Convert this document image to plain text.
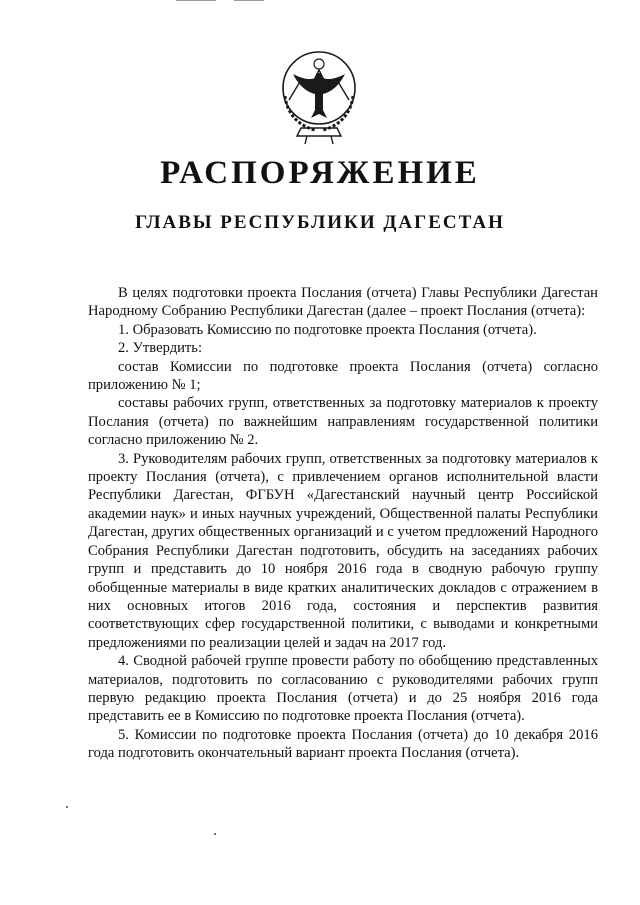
РАСПОРЯЖЕНИЕ
ГЛАВЫ РЕСПУБЛИКИ ДАГЕСТАН

В целях подготовки проекта Послания (отчета) Главы Республики Дагестан Народному Собранию Республики Дагестан (далее – проект Послания (отчета):

1. Образовать Комиссию по подготовке проекта Послания (отчета).

2. Утвердить:

состав Комиссии по подготовке проекта Послания (отчета) согласно приложению № 1;

составы рабочих групп, ответственных за подготовку материалов к проекту Послания (отчета) по важнейшим направлениям государственной политики согласно приложению № 2.

3. Руководителям рабочих групп, ответственных за подготовку материалов к проекту Послания (отчета), с привлечением органов исполнительной власти Республики Дагестан, ФГБУН «Дагестанский научный центр Российской академии наук» и иных научных учреждений, Общественной палаты Республики Дагестан, других общественных организаций и с учетом предложений Народного Собрания Республики Дагестан подготовить, обсудить на заседаниях рабочих групп и представить до 10 ноября 2016 года в сводную рабочую группу обобщенные материалы в виде кратких аналитических докладов с отражением в них основных итогов 2016 года, состояния и перспектив развития соответствующих сфер государственной политики, с выводами и конкретными предложениями по реализации целей и задач на 2017 год.

4. Сводной рабочей группе провести работу по обобщению представленных материалов, подготовить по согласованию с руководителями рабочих групп первую редакцию проекта Послания (отчета) и до 25 ноября 2016 года представить ее в Комиссию по подготовке проекта Послания (отчета).

5. Комиссии по подготовке проекта Послания (отчета) до 10 декабря 2016 года подготовить окончательный вариант проекта Послания (отчета).
